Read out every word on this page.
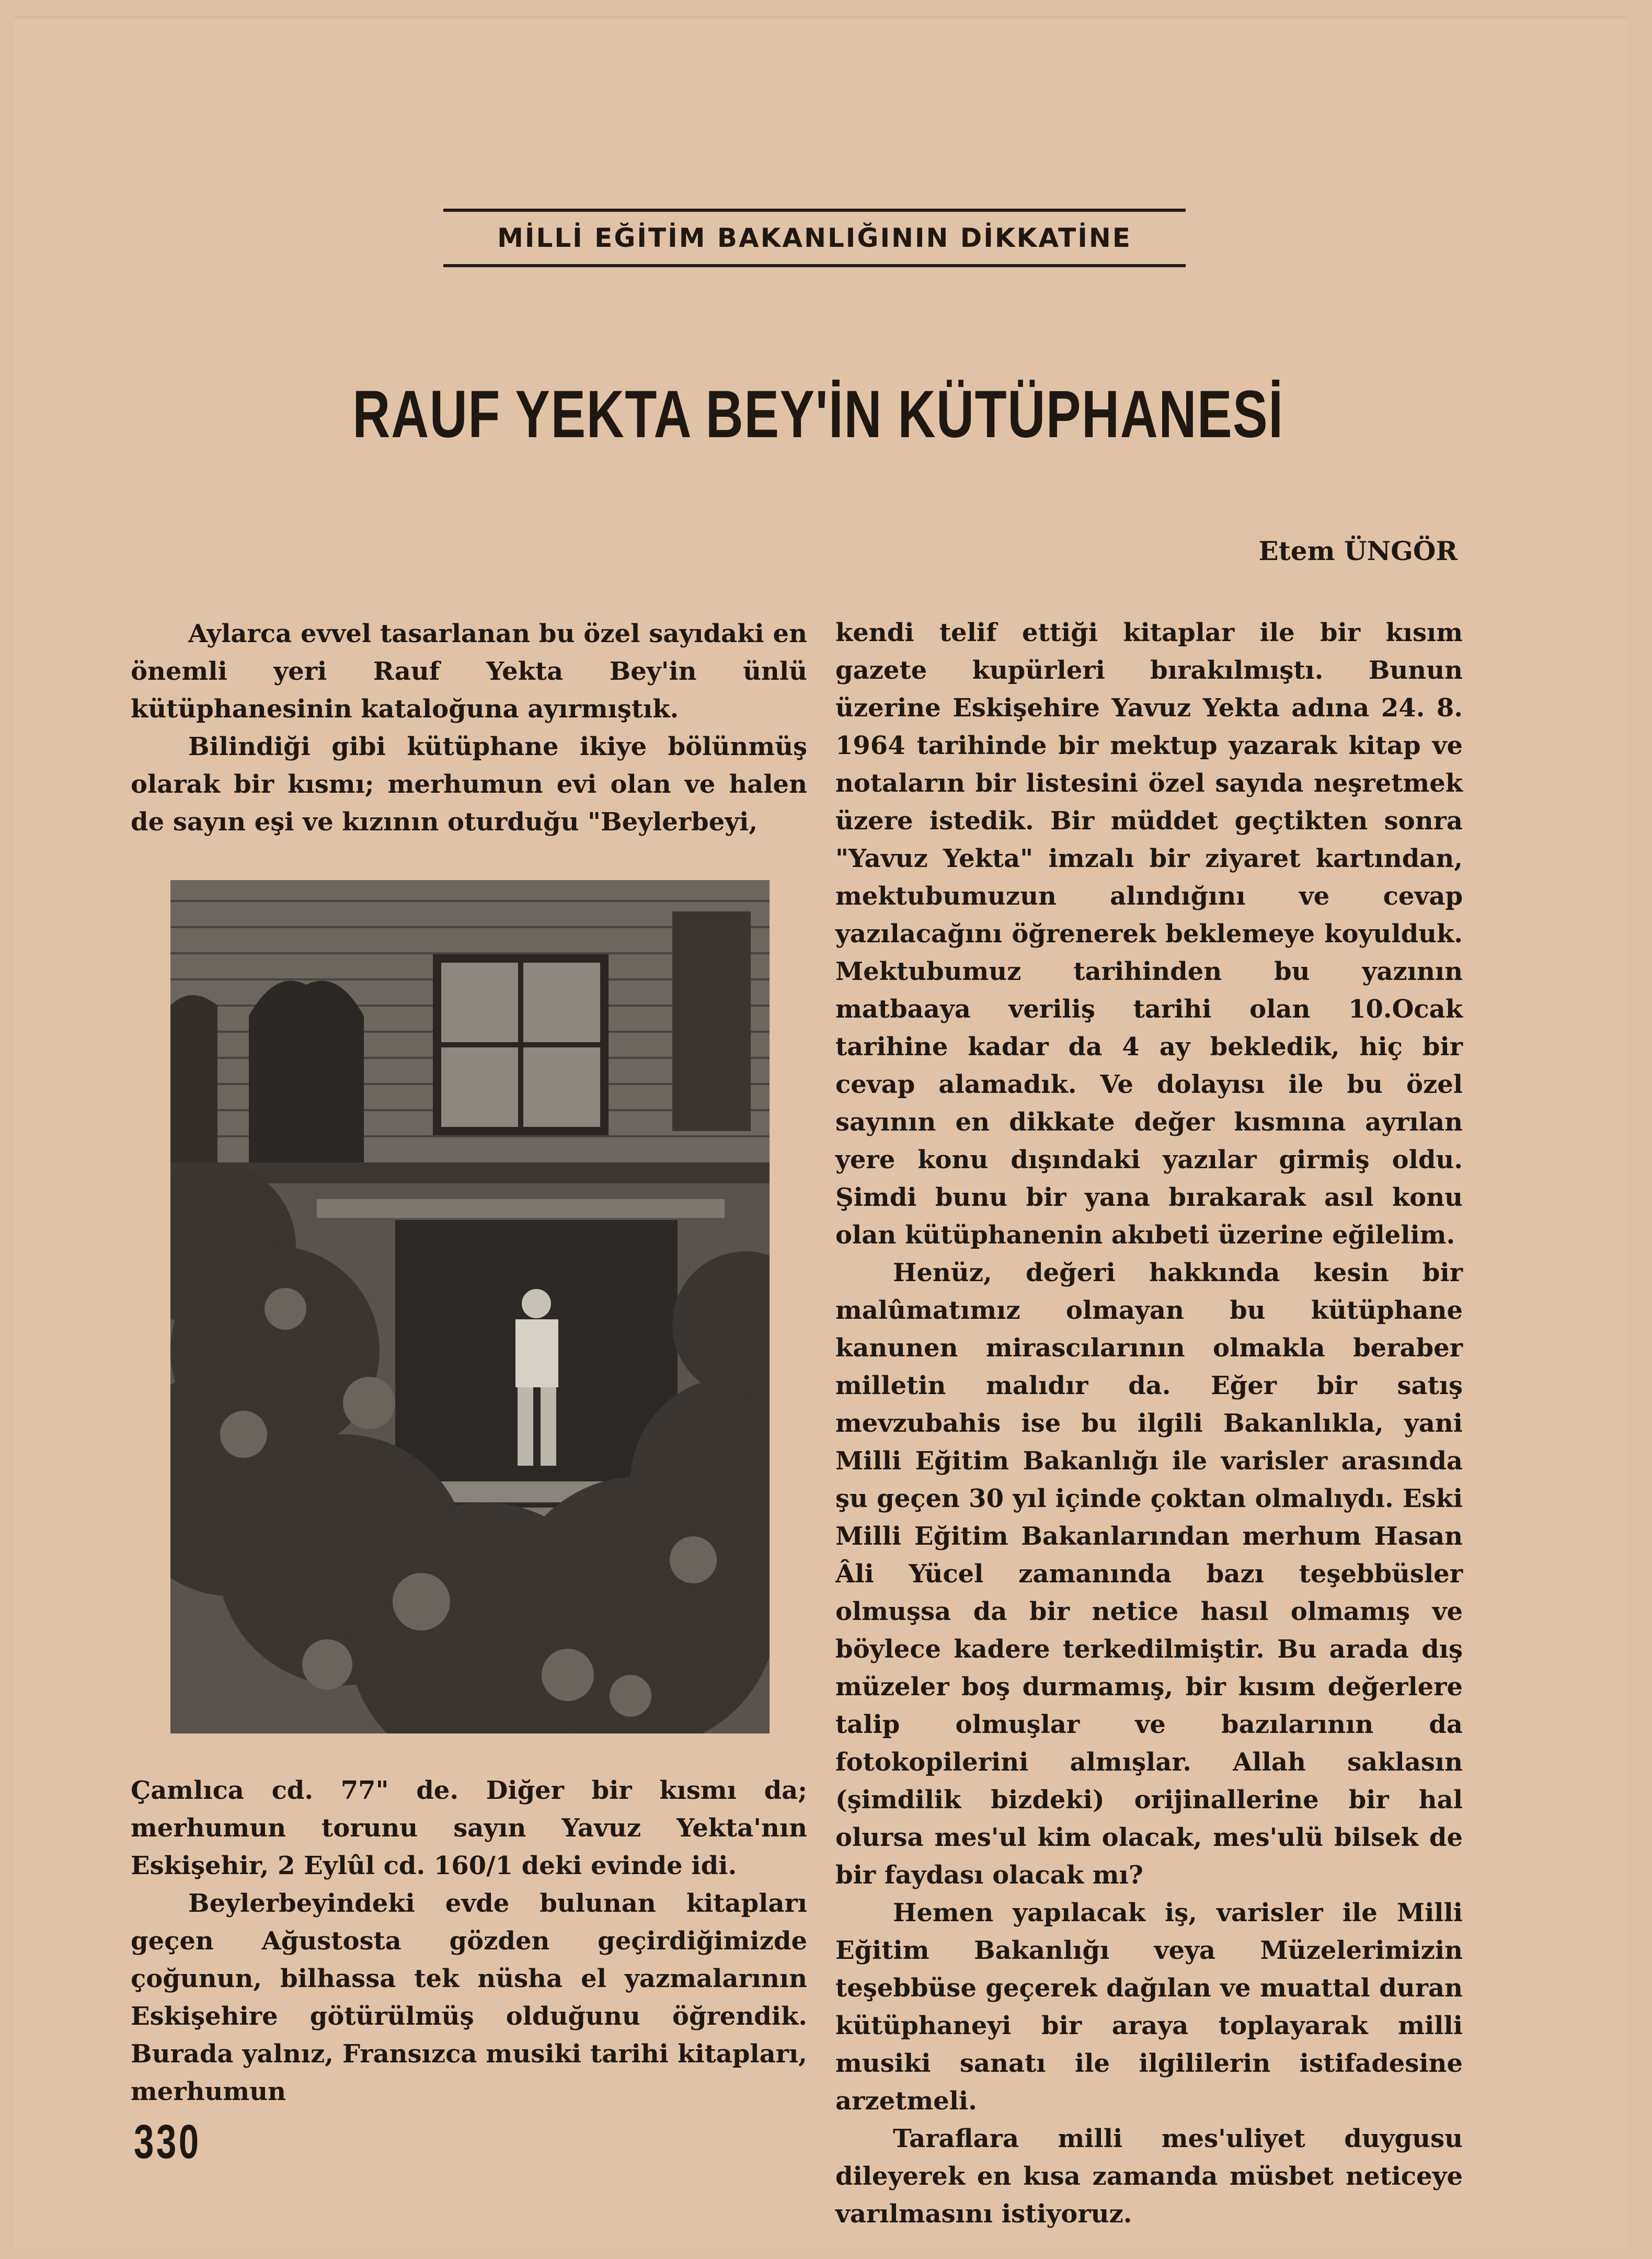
MİLLİ EĞİTİM BAKANLIĞININ DİKKATİNE
RAUF YEKTA BEY'İN KÜTÜPHANESİ
Etem ÜNGÖR

Aylarca evvel tasarlanan bu özel sayıdaki en önemli yeri Rauf Yekta Bey'in ünlü kütüphanesinin kataloğuna ayırmıştık.

Bilindiği gibi kütüphane ikiye bölünmüş olarak bir kısmı; merhumun evi olan ve halen de sayın eşi ve kızının oturduğu "Beylerbeyi,

Çamlıca cd. 77" de. Diğer bir kısmı da; merhumun torunu sayın Yavuz Yekta'nın Eskişehir, 2 Eylûl cd. 160/1 deki evinde idi.

Beylerbeyindeki evde bulunan kitapları geçen Ağustosta gözden geçirdiğimizde çoğunun, bilhassa tek nüsha el yazmalarının Eskişehire götürülmüş olduğunu öğrendik. Burada yalnız, Fransızca musiki tarihi kitapları, merhumun

kendi telif ettiği kitaplar ile bir kısım gazete kupürleri bırakılmıştı. Bunun üzerine Eskişehire Yavuz Yekta adına 24. 8. 1964 tarihinde bir mektup yazarak kitap ve notaların bir listesini özel sayıda neşretmek üzere istedik. Bir müddet geçtikten sonra "Yavuz Yekta" imzalı bir ziyaret kartından, mektubumuzun alındığını ve cevap yazılacağını öğrenerek beklemeye koyulduk. Mektubumuz tarihinden bu yazının matbaaya veriliş tarihi olan 10.Ocak tarihine kadar da 4 ay bekledik, hiç bir cevap alamadık. Ve dolayısı ile bu özel sayının en dikkate değer kısmına ayrılan yere konu dışındaki yazılar girmiş oldu. Şimdi bunu bir yana bırakarak asıl konu olan kütüphanenin akıbeti üzerine eğilelim.

Henüz, değeri hakkında kesin bir malûmatımız olmayan bu kütüphane kanunen mirascılarının olmakla beraber milletin malıdır da. Eğer bir satış mevzubahis ise bu ilgili Bakanlıkla, yani Milli Eğitim Bakanlığı ile varisler arasında şu geçen 30 yıl içinde çoktan olmalıydı. Eski Milli Eğitim Bakanlarından merhum Hasan Âli Yücel zamanında bazı teşebbüsler olmuşsa da bir netice hasıl olmamış ve böylece kadere terkedilmiştir. Bu arada dış müzeler boş durmamış, bir kısım değerlere talip olmuşlar ve bazılarının da fotokopilerini almışlar. Allah saklasın (şimdilik bizdeki) orijinallerine bir hal olursa mes'ul kim olacak, mes'ulü bilsek de bir faydası olacak mı?

Hemen yapılacak iş, varisler ile Milli Eğitim Bakanlığı veya Müzelerimizin teşebbüse geçerek dağılan ve muattal duran kütüphaneyi bir araya toplayarak milli musiki sanatı ile ilgililerin istifadesine arzetmeli.

Taraflara milli mes'uliyet duygusu dileyerek en kısa zamanda müsbet neticeye varılmasını istiyoruz.

330
